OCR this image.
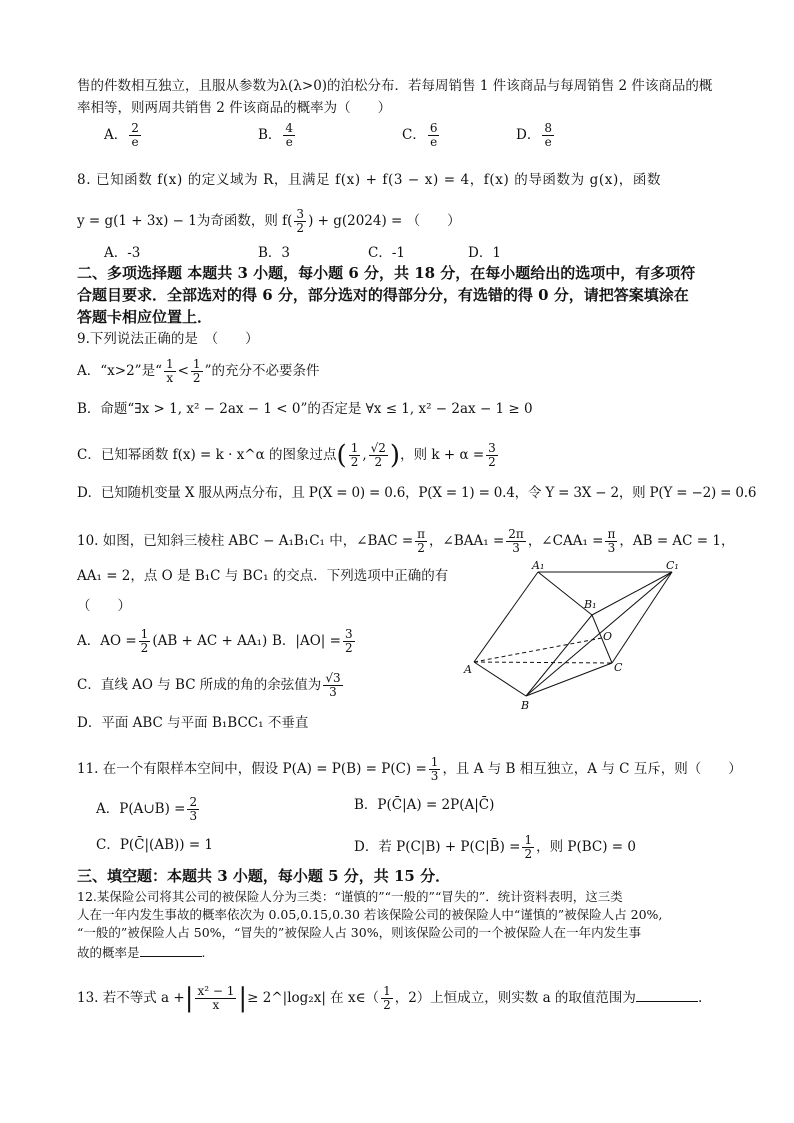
售的件数相互独立，且服从参数为λ(λ>0)的泊松分布．若每周销售 1 件该商品与每周销售 2 件该商品的概
率相等，则两周共销售 2 件该商品的概率为（　　）
A． $\frac{2}{e}$	B． $\frac{4}{e}$	C． $\frac{6}{e}$	D． $\frac{8}{e}$
8. 已知函数 f(x) 的定义域为 R，且满足 f(x) + f(3 − x) = 4，f(x) 的导函数为 g(x)，函数
y = g(1 + 3x) − 1为奇函数，则 $f( \frac{3}{2}$ ) + g(2024) = （　　）
A．-3	B．3	C．-1	D．1
二、多项选择题 本题共 3 小题，每小题 6 分，共 18 分，在每小题给出的选项中，有多项符
合题目要求．全部选对的得 6 分，部分选对的得部分分，有选错的得 0 分，请把答案填涂在
答题卡相应位置上．
9.下列说法正确的是　（　　）
A．“x>2”是“ $\frac{1}{x} < \frac{1}{2}$ ”的充分不必要条件
B．命题“∃x > 1, x² − 2ax − 1 < 0”的否定是 ∀x ≤ 1, x² − 2ax − 1 ≥ 0
C．已知幂函数 f(x) = k · x^α 的图象过点( $\frac{1}{2}$ , $\frac{√2}{2}$ )，则 $k + \alpha = \frac{3}{2}$
D．已知随机变量 X 服从两点分布，且 P(X = 0) = 0.6，P(X = 1) = 0.4，令 Y = 3X − 2，则 P(Y = −2) = 0.6
10. 如图，已知斜三棱柱 ABC − A₁B₁C₁ 中，∠BAC = $\frac{\pi}{2}$ ，∠BAA₁ = $\frac{2\pi}{3}$ ，∠CAA₁ = $\frac{\pi}{3}$ ，AB = AC = 1，
AA₁ = 2，点 O 是 B₁C 与 BC₁ 的交点．下列选项中正确的有
（　　）
A．AO = $\frac{1}{2} (AB$ + AC + AA₁) B．$|AO| = \frac{3}{2}$
C．直线 AO 与 BC 所成的角的余弦值为 $\frac{√3}{3}$
D．平面 ABC 与平面 B₁BCC₁ 不垂直
A₁	C₁
B₁
O
A	C
B
11. 在一个有限样本空间中，假设 $P(A) = P(B) = P(C) = \frac{1}{3}$ ，且 A 与 B 相互独立，A 与 C 互斥，则（　　）
A．P(A∪B) = $\frac{2}{3}$	B．P(C̄|A) = 2P(A|C̄)
C．P(C̄|(AB)) = 1	D．若 P(C|B) + P(C|B̄) = $\frac{1}{2}$ ，则 P(BC) = 0
三、填空题：本题共 3 小题，每小题 5 分，共 15 分．
12.某保险公司将其公司的被保险人分为三类：“谨慎的”“一般的”“冒失的”．统计资料表明，这三类
人在一年内发生事故的概率依次为 0.05,0.15,0.30 若该保险公司的被保险人中“谨慎的”被保险人占 20%,
“一般的”被保险人占 50%，“冒失的”被保险人占 30%，则该保险公司的一个被保险人在一年内发生事
故的概率是	.
13. 若不等式 a +| $\frac{\text{x² − 1}}{x}$ |≥ 2^|log₂x| 在 x∈（ $\frac{1}{2}$ ，2）上恒成立，则实数 a 的取值范围为	.
